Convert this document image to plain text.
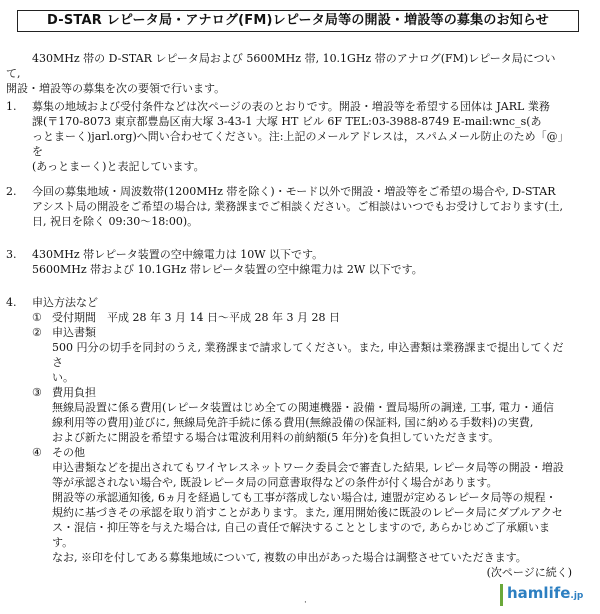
D-STAR レピータ局・アナログ(FM)レピータ局等の開設・増設等の募集のお知らせ
430MHz 帯の D-STAR レピータ局および 5600MHz 帯, 10.1GHz 帯のアナログ(FM)レピータ局について,
開設・増設等の募集を次の要領で行います。
1.	募集の地域および受付条件などは次ページの表のとおりです。開設・増設等を希望する団体は JARL 業務
課(〒170-8073 東京都豊島区南大塚 3-43-1 大塚 HT ビル 6F TEL:03-3988-8749 E-mail:wnc_s(あ
っとまーく)jarl.org)へ問い合わせてください。注:上記のメールアドレスは，スパムメール防止のため「@」を
(あっとまーく)と表記しています。
2.	今回の募集地域・周波数帯(1200MHz 帯を除く)・モード以外で開設・増設等をご希望の場合や, D-STAR
アシスト局の開設をご希望の場合は, 業務課までご相談ください。ご相談はいつでもお受けしております(土,
日, 祝日を除く 09:30～18:00)。
3.	430MHz 帯レピータ装置の空中線電力は 10W 以下です。
5600MHz 帯および 10.1GHz 帯レピータ装置の空中線電力は 2W 以下です。
4.	申込方法など
① 受付期間　平成 28 年 3 月 14 日～平成 28 年 3 月 28 日
② 申込書類
500 円分の切手を同封のうえ, 業務課まで請求してください。また, 申込書類は業務課まで提出してくださ
い。
③ 費用負担
無線局設置に係る費用(レピータ装置はじめ全ての関連機器・設備・置局場所の調達, 工事, 電力・通信
線利用等の費用)並びに, 無線局免許手続に係る費用(無線設備の保証料, 国に納める手数料)の実費,
および新たに開設を希望する場合は電波利用料の前納額(5 年分)を負担していただきます。
④ その他
申込書類などを提出されてもワイヤレスネットワーク委員会で審査した結果, レピータ局等の開設・増設
等が承認されない場合や, 既設レピータ局の同意書取得などの条件が付く場合があります。
開設等の承認通知後, 6ヵ月を経過しても工事が落成しない場合は, 連盟が定めるレピータ局等の規程・
規約に基づきその承認を取り消すことがあります。また, 運用開始後に既設のレピータ局にダブルアクセ
ス・混信・抑圧等を与えた場合は, 自己の責任で解決することとしますので, あらかじめご了承願います。
なお, ※印を付してある募集地域について, 複数の申出があった場合は調整させていただきます。
(次ページに続く)
·
hamlife.jp
